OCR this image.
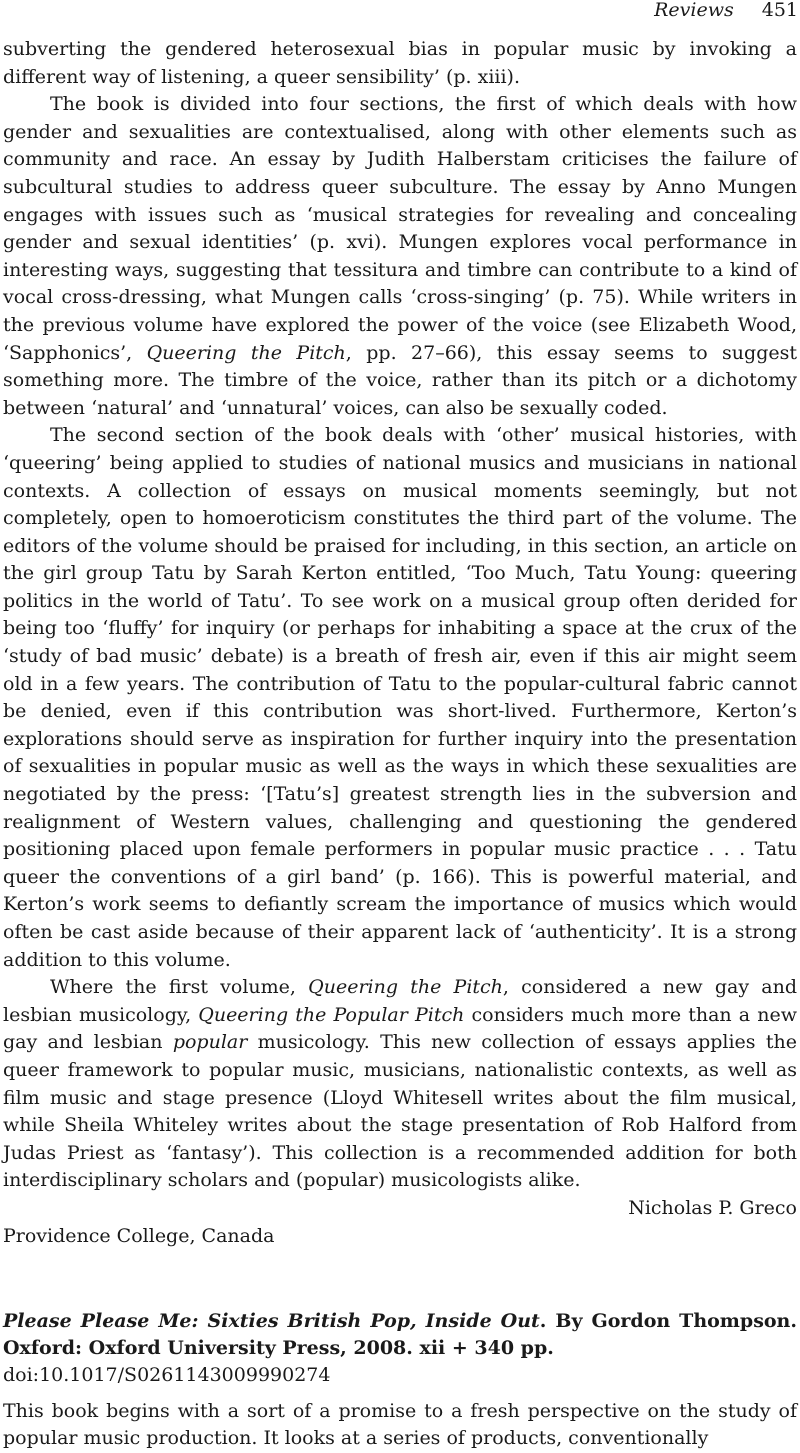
Reviews 451

subverting the gendered heterosexual bias in popular music by invoking a different way of listening, a queer sensibility’ (p. xiii).

The book is divided into four sections, the first of which deals with how gender and sexualities are contextualised, along with other elements such as community and race. An essay by Judith Halberstam criticises the failure of subcultural studies to address queer subculture. The essay by Anno Mungen engages with issues such as ‘musical strategies for revealing and concealing gender and sexual identities’ (p. xvi). Mungen explores vocal performance in interesting ways, suggesting that tessitura and timbre can contribute to a kind of vocal cross-dressing, what Mungen calls ‘cross-singing’ (p. 75). While writers in the previous volume have explored the power of the voice (see Elizabeth Wood, ‘Sapphonics’, Queering the Pitch, pp. 27–66), this essay seems to suggest something more. The timbre of the voice, rather than its pitch or a dichotomy between ‘natural’ and ‘unnatural’ voices, can also be sexually coded.

The second section of the book deals with ‘other’ musical histories, with ‘queering’ being applied to studies of national musics and musicians in national contexts. A collection of essays on musical moments seemingly, but not completely, open to homoeroticism constitutes the third part of the volume. The editors of the volume should be praised for including, in this section, an article on the girl group Tatu by Sarah Kerton entitled, ‘Too Much, Tatu Young: queering politics in the world of Tatu’. To see work on a musical group often derided for being too ‘fluffy’ for inquiry (or perhaps for inhabiting a space at the crux of the ‘study of bad music’ debate) is a breath of fresh air, even if this air might seem old in a few years. The contribution of Tatu to the popular-cultural fabric cannot be denied, even if this contribution was short-lived. Furthermore, Kerton’s explorations should serve as inspiration for further inquiry into the presentation of sexualities in popular music as well as the ways in which these sexualities are negotiated by the press: ‘[Tatu’s] greatest strength lies in the subversion and realignment of Western values, challenging and questioning the gendered positioning placed upon female performers in popular music practice . . . Tatu queer the conventions of a girl band’ (p. 166). This is powerful material, and Kerton’s work seems to defiantly scream the importance of musics which would often be cast aside because of their apparent lack of ‘authenticity’. It is a strong addition to this volume.

Where the first volume, Queering the Pitch, considered a new gay and lesbian musicology, Queering the Popular Pitch considers much more than a new gay and lesbian popular musicology. This new collection of essays applies the queer framework to popular music, musicians, nationalistic contexts, as well as film music and stage presence (Lloyd Whitesell writes about the film musical, while Sheila Whiteley writes about the stage presentation of Rob Halford from Judas Priest as ‘fantasy’). This collection is a recommended addition for both interdisciplinary scholars and (popular) musicologists alike.

Nicholas P. Greco

Providence College, Canada

Please Please Me: Sixties British Pop, Inside Out. By Gordon Thompson. Oxford: Oxford University Press, 2008. xii + 340 pp.

doi:10.1017/S0261143009990274

This book begins with a sort of a promise to a fresh perspective on the study of popular music production. It looks at a series of products, conventionally
